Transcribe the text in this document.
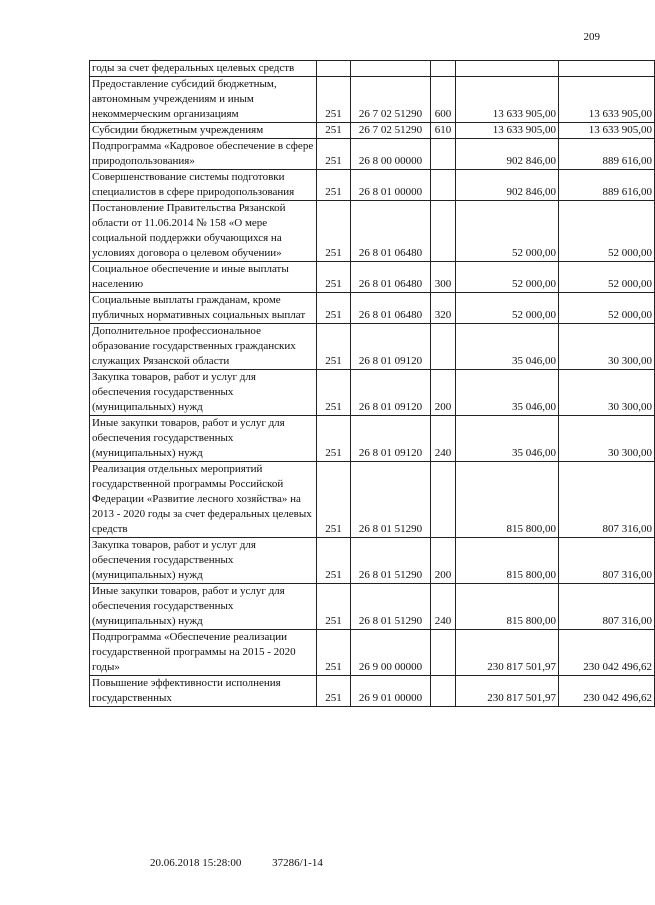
209
годы за счет федеральных целевых средств					
Предоставление субсидий бюджетным, автономным учреждениям и иным некоммерческим организациям	251	26 7 02 51290	600	13 633 905,00	13 633 905,00
Субсидии бюджетным учреждениям	251	26 7 02 51290	610	13 633 905,00	13 633 905,00
Подпрограмма «Кадровое обеспечение в сфере природопользования»	251	26 8 00 00000		902 846,00	889 616,00
Совершенствование системы подготовки специалистов в сфере природопользования	251	26 8 01 00000		902 846,00	889 616,00
Постановление Правительства Рязанской области от 11.06.2014 № 158 «О мере социальной поддержки обучающихся на условиях договора о целевом обучении»	251	26 8 01 06480		52 000,00	52 000,00
Социальное обеспечение и иные выплаты населению	251	26 8 01 06480	300	52 000,00	52 000,00
Социальные выплаты гражданам, кроме публичных нормативных социальных выплат	251	26 8 01 06480	320	52 000,00	52 000,00
Дополнительное профессиональное образование государственных гражданских служащих Рязанской области	251	26 8 01 09120		35 046,00	30 300,00
Закупка товаров, работ и услуг для обеспечения государственных (муниципальных) нужд	251	26 8 01 09120	200	35 046,00	30 300,00
Иные закупки товаров, работ и услуг для обеспечения государственных (муниципальных) нужд	251	26 8 01 09120	240	35 046,00	30 300,00
Реализация отдельных мероприятий государственной программы Российской Федерации «Развитие лесного хозяйства» на 2013 - 2020 годы за счет федеральных целевых средств	251	26 8 01 51290		815 800,00	807 316,00
Закупка товаров, работ и услуг для обеспечения государственных (муниципальных) нужд	251	26 8 01 51290	200	815 800,00	807 316,00
Иные закупки товаров, работ и услуг для обеспечения государственных (муниципальных) нужд	251	26 8 01 51290	240	815 800,00	807 316,00
Подпрограмма «Обеспечение реализации государственной программы на 2015 - 2020 годы»	251	26 9 00 00000		230 817 501,97	230 042 496,62
Повышение эффективности исполнения государственных	251	26 9 01 00000		230 817 501,97	230 042 496,62
20.06.2018 15:28:00	37286/1-14
